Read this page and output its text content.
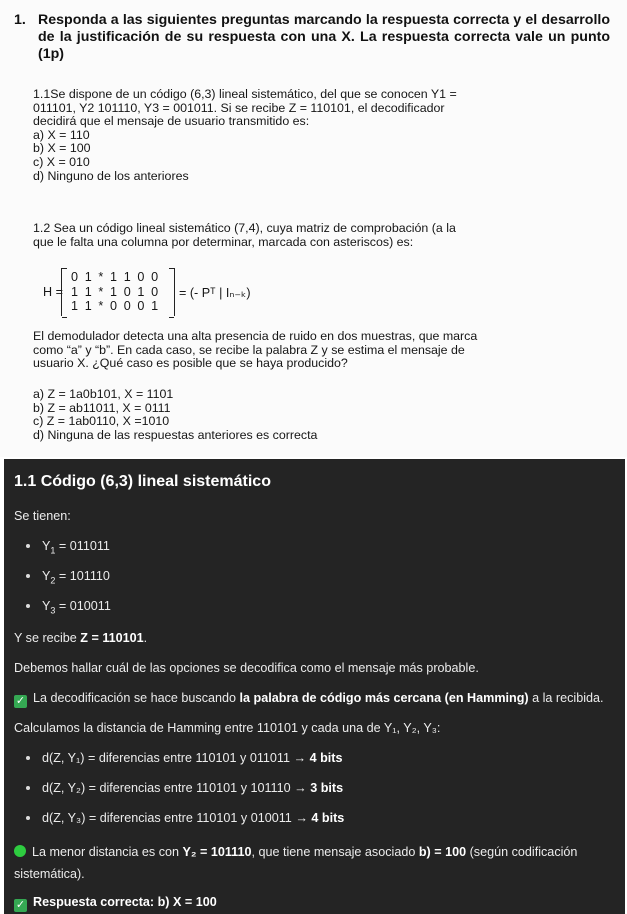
1. Responda a las siguientes preguntas marcando la respuesta correcta y el desarrollo de la justificación de su respuesta con una X. La respuesta correcta vale un punto (1p)

1.1Se dispone de un código (6,3) lineal sistemático, del que se conocen Y1 =

011101, Y2 101110, Y3 = 001011. Si se recibe Z = 110101, el decodificador

decidirá que el mensaje de usuario transmitido es:

a) X = 110
b) X = 100
c) X = 010
d) Ninguno de los anteriores

1.2 Sea un código lineal sistemático (7,4), cuya matriz de comprobación (a la

que le falta una columna por determinar, marcada con asteriscos) es:

H =
0 1 * 1 1 0 0
1 1 * 1 0 1 0
1 1 * 0 0 0 1
= (- Pᵀ | Iₙ₋ₖ)

El demodulador detecta una alta presencia de ruido en dos muestras, que marca

como “a” y “b”. En cada caso, se recibe la palabra Z y se estima el mensaje de

usuario X. ¿Qué caso es posible que se haya producido?

a) Z = 1a0b101, X = 1101
b) Z = ab11011, X = 0111
c) Z = 1ab0110, X =1010
d) Ninguna de las respuestas anteriores es correcta
1.1 Código (6,3) lineal sistemático
Se tienen:
$Y_1 = 011011$
$Y_2 = 101110$
$Y_3 = 010011$
Y se recibe Z = 110101.
Debemos hallar cuál de las opciones se decodifica como el mensaje más probable.
✓ La decodificación se hace buscando la palabra de código más cercana (en Hamming) a la recibida.
Calculamos la distancia de Hamming entre 110101 y cada una de Y₁, Y₂, Y₃:
d(Z, Y₁) = diferencias entre 110101 y 011011 → 4 bits
d(Z, Y₂) = diferencias entre 110101 y 101110 → 3 bits
d(Z, Y₃) = diferencias entre 110101 y 010011 → 4 bits
La menor distancia es con Y₂ = 101110, que tiene mensaje asociado b) = 100 (según codificación
sistemática).
✓ Respuesta correcta: b) X = 100
